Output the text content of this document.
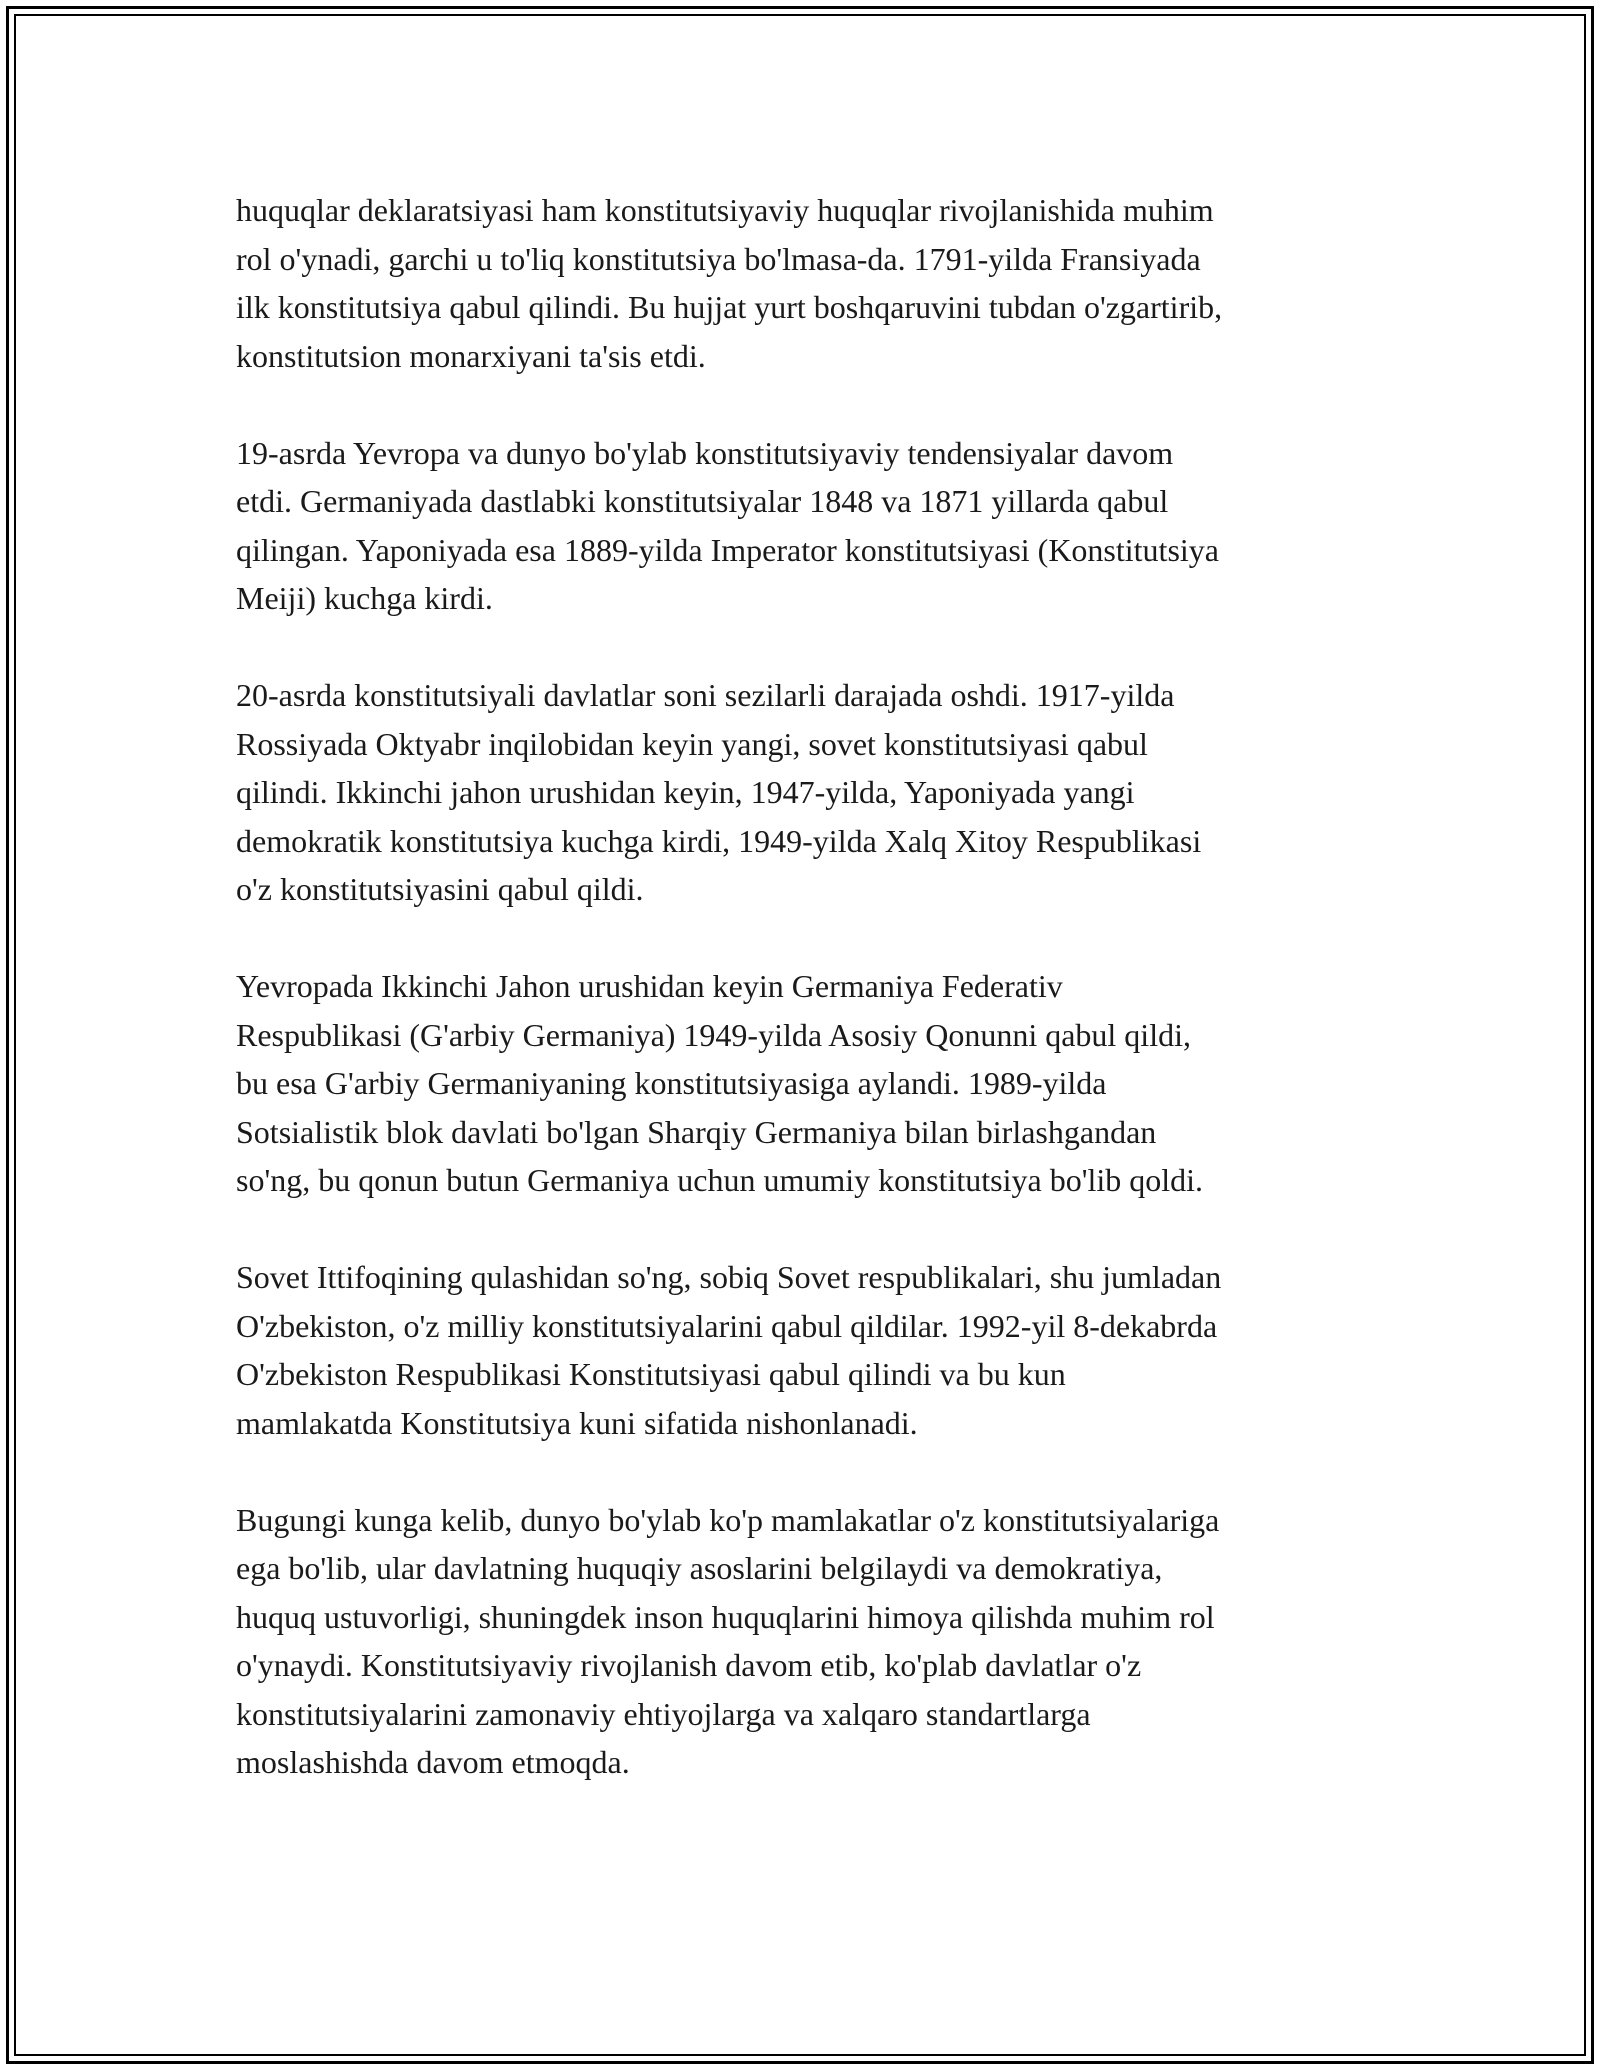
huquqlar deklaratsiyasi ham konstitutsiyaviy huquqlar rivojlanishida muhim
rol o'ynadi, garchi u to'liq konstitutsiya bo'lmasa-da. 1791-yilda Fransiyada
ilk konstitutsiya qabul qilindi. Bu hujjat yurt boshqaruvini tubdan o'zgartirib,
konstitutsion monarxiyani ta'sis etdi.

19-asrda Yevropa va dunyo bo'ylab konstitutsiyaviy tendensiyalar davom
etdi. Germaniyada dastlabki konstitutsiyalar 1848 va 1871 yillarda qabul
qilingan. Yaponiyada esa 1889-yilda Imperator konstitutsiyasi (Konstitutsiya
Meiji) kuchga kirdi.

20-asrda konstitutsiyali davlatlar soni sezilarli darajada oshdi. 1917-yilda
Rossiyada Oktyabr inqilobidan keyin yangi, sovet konstitutsiyasi qabul
qilindi. Ikkinchi jahon urushidan keyin, 1947-yilda, Yaponiyada yangi
demokratik konstitutsiya kuchga kirdi, 1949-yilda Xalq Xitoy Respublikasi
o'z konstitutsiyasini qabul qildi.

Yevropada Ikkinchi Jahon urushidan keyin Germaniya Federativ
Respublikasi (G'arbiy Germaniya) 1949-yilda Asosiy Qonunni qabul qildi,
bu esa G'arbiy Germaniyaning konstitutsiyasiga aylandi. 1989-yilda
Sotsialistik blok davlati bo'lgan Sharqiy Germaniya bilan birlashgandan
so'ng, bu qonun butun Germaniya uchun umumiy konstitutsiya bo'lib qoldi.

Sovet Ittifoqining qulashidan so'ng, sobiq Sovet respublikalari, shu jumladan
O'zbekiston, o'z milliy konstitutsiyalarini qabul qildilar. 1992-yil 8-dekabrda
O'zbekiston Respublikasi Konstitutsiyasi qabul qilindi va bu kun
mamlakatda Konstitutsiya kuni sifatida nishonlanadi.

Bugungi kunga kelib, dunyo bo'ylab ko'p mamlakatlar o'z konstitutsiyalariga
ega bo'lib, ular davlatning huquqiy asoslarini belgilaydi va demokratiya,
huquq ustuvorligi, shuningdek inson huquqlarini himoya qilishda muhim rol
o'ynaydi. Konstitutsiyaviy rivojlanish davom etib, ko'plab davlatlar o'z
konstitutsiyalarini zamonaviy ehtiyojlarga va xalqaro standartlarga
moslashishda davom etmoqda.
